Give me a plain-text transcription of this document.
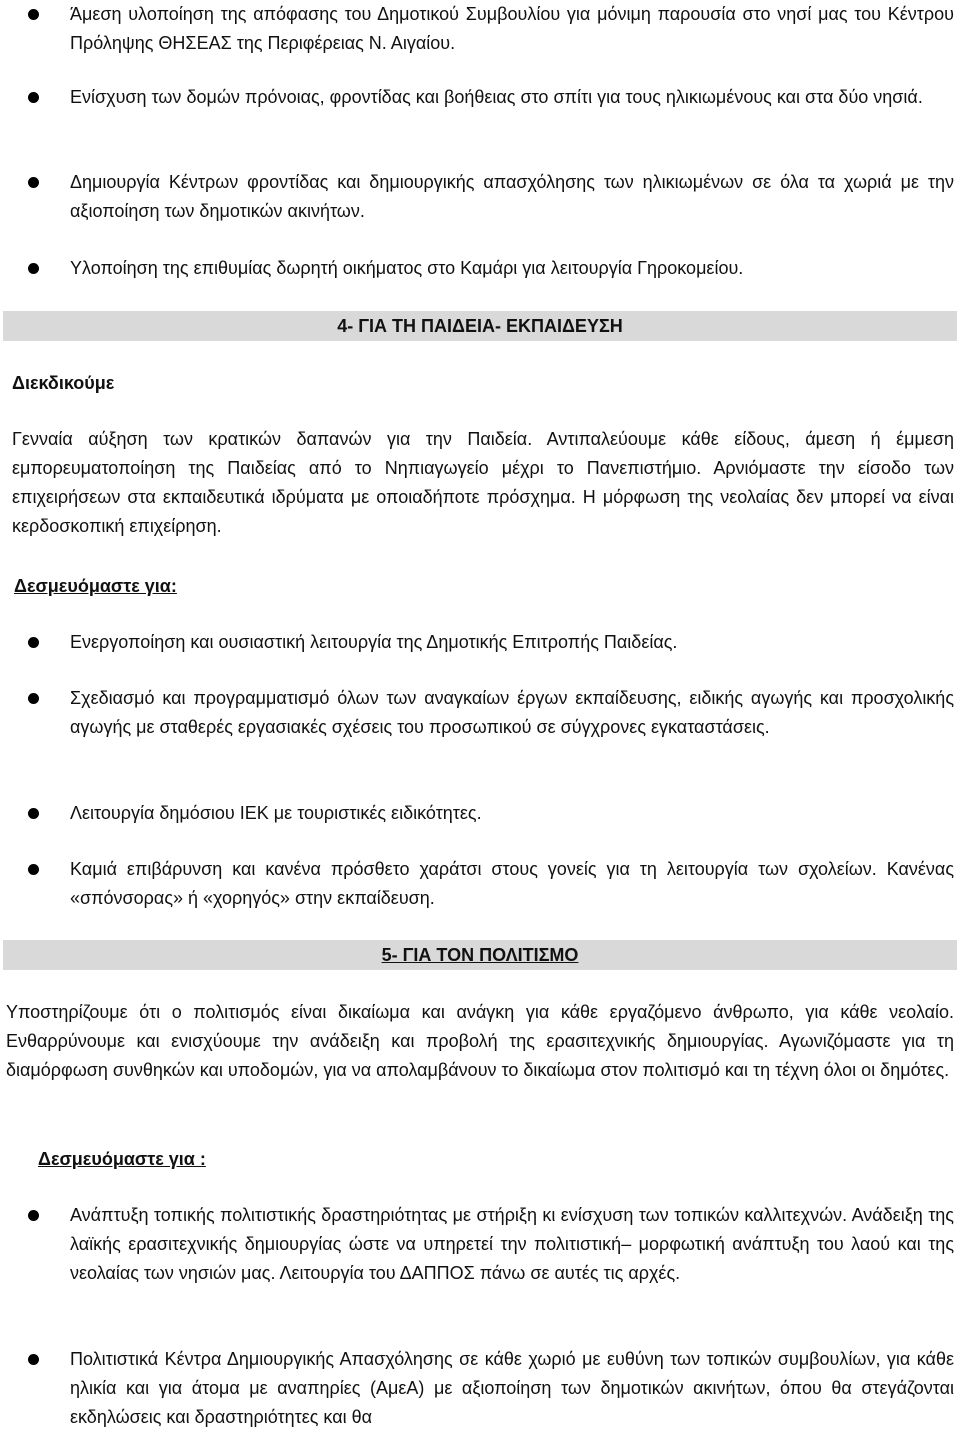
Άμεση υλοποίηση της απόφασης του Δημοτικού Συμβουλίου για μόνιμη παρουσία στο νησί μας του Κέντρου Πρόληψης ΘΗΣΕΑΣ της Περιφέρειας Ν. Αιγαίου.
Ενίσχυση των δομών πρόνοιας, φροντίδας και βοήθειας στο σπίτι για τους ηλικιωμένους και στα δύο νησιά.
Δημιουργία Κέντρων φροντίδας και δημιουργικής απασχόλησης των ηλικιωμένων σε όλα τα χωριά με την αξιοποίηση των δημοτικών ακινήτων.
Υλοποίηση της επιθυμίας δωρητή οικήματος στο Καμάρι για λειτουργία Γηροκομείου.
4- ΓΙΑ ΤΗ ΠΑΙΔΕΙΑ- ΕΚΠΑΙΔΕΥΣΗ
Διεκδικούμε
Γενναία αύξηση των κρατικών δαπανών για την Παιδεία. Αντιπαλεύουμε κάθε είδους, άμεση ή έμμεση εμπορευματοποίηση της Παιδείας από το Νηπιαγωγείο μέχρι το Πανεπιστήμιο. Αρνιόμαστε την είσοδο των επιχειρήσεων στα εκπαιδευτικά ιδρύματα με οποιαδήποτε πρόσχημα. Η μόρφωση της νεολαίας δεν μπορεί να είναι κερδοσκοπική επιχείρηση.
Δεσμευόμαστε για:
Ενεργοποίηση και ουσιαστική λειτουργία της Δημοτικής Επιτροπής Παιδείας.
Σχεδιασμό και προγραμματισμό όλων των αναγκαίων έργων εκπαίδευσης, ειδικής αγωγής και προσχολικής αγωγής με σταθερές εργασιακές σχέσεις του προσωπικού σε σύγχρονες εγκαταστάσεις.
Λειτουργία δημόσιου ΙΕΚ με τουριστικές ειδικότητες.
Καμιά επιβάρυνση και κανένα πρόσθετο χαράτσι στους γονείς για τη λειτουργία των σχολείων. Κανένας «σπόνσορας» ή «χορηγός» στην εκπαίδευση.
5- ΓΙΑ ΤΟΝ ΠΟΛΙΤΙΣΜΟ
Υποστηρίζουμε ότι ο πολιτισμός είναι δικαίωμα και ανάγκη για κάθε εργαζόμενο άνθρωπο, για κάθε νεολαίο. Ενθαρρύνουμε και ενισχύουμε την ανάδειξη και προβολή της ερασιτεχνικής δημιουργίας. Αγωνιζόμαστε για τη διαμόρφωση συνθηκών και υποδομών, για να απολαμβάνουν το δικαίωμα στον πολιτισμό και τη τέχνη όλοι οι δημότες.
Δεσμευόμαστε για :
Ανάπτυξη τοπικής πολιτιστικής δραστηριότητας με στήριξη κι ενίσχυση των τοπικών καλλιτεχνών. Ανάδειξη της λαϊκής ερασιτεχνικής δημιουργίας ώστε να υπηρετεί την πολιτιστική– μορφωτική ανάπτυξη του λαού και της νεολαίας των νησιών μας. Λειτουργία του ΔΑΠΠΟΣ πάνω σε αυτές τις αρχές.
Πολιτιστικά Κέντρα Δημιουργικής Απασχόλησης σε κάθε χωριό με ευθύνη των τοπικών συμβουλίων, για κάθε ηλικία και για άτομα με αναπηρίες (ΑμεΑ) με αξιοποίηση των δημοτικών ακινήτων, όπου θα στεγάζονται εκδηλώσεις και δραστηριότητες και θα
